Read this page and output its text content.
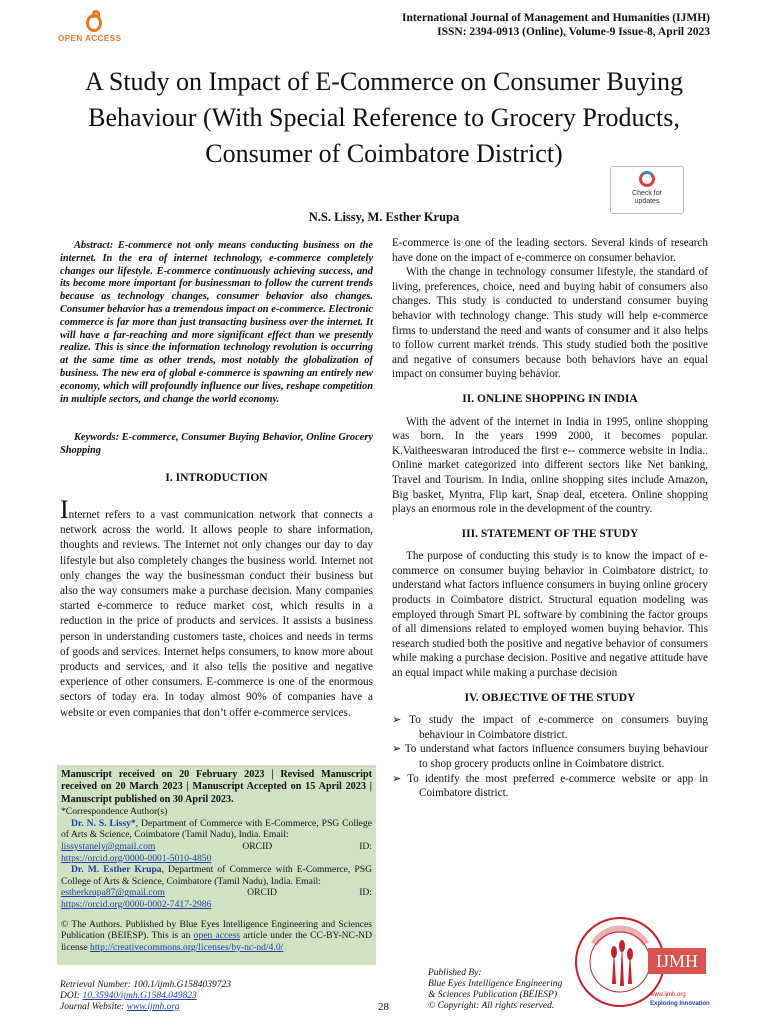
OPEN ACCESS
International Journal of Management and Humanities (IJMH)
ISSN: 2394-0913 (Online), Volume-9 Issue-8, April 2023
A Study on Impact of E-Commerce on Consumer Buying Behaviour (With Special Reference to Grocery Products, Consumer of Coimbatore District)
Check for updates
N.S. Lissy, M. Esther Krupa
Abstract: E-commerce not only means conducting business on the internet. In the era of internet technology, e-commerce completely changes our lifestyle. E-commerce continuously achieving success, and its become more important for businessman to follow the current trends because as technology changes, consumer behavior also changes. Consumer behavior has a tremendous impact on e-commerce. Electronic commerce is far more than just transacting business over the internet. It will have a far-reaching and more significant effect than we presently realize. This is since the information technology revolution is occurring at the same time as other trends, most notably the globalization of business. The new era of global e-commerce is spawning an entirely new economy, which will profoundly influence our lives, reshape competition in multiple sectors, and change the world economy.
Keywords: E-commerce, Consumer Buying Behavior, Online Grocery Shopping
I. INTRODUCTION
Internet refers to a vast communication network that connects a network across the world. It allows people to share information, thoughts and reviews. The Internet not only changes our day to day lifestyle but also completely changes the business world. Internet not only changes the way the businessman conduct their business but also the way consumers make a purchase decision. Many companies started e-commerce to reduce market cost, which results in a reduction in the price of products and services. It assists a business person in understanding customers taste, choices and needs in terms of goods and services. Internet helps consumers, to know more about products and services, and it also tells the positive and negative experience of other consumers. E-commerce is one of the enormous sectors of today era. In today almost 90% of companies have a website or even companies that don’t offer e-commerce services.
Manuscript received on 20 February 2023 | Revised Manuscript received on 20 March 2023 | Manuscript Accepted on 15 April 2023 | Manuscript published on 30 April 2023.
*Correspondence Author(s)
Dr. N. S. Lissy*, Department of Commerce with E-Commerce, PSG College of Arts & Science, Coimbatore (Tamil Nadu), India. Email:
lissystanely@gmail.com	ORCID	ID:
https://orcid.org/0000-0001-5010-4850
Dr. M. Esther Krupa, Department of Commerce with E-Commerce, PSG College of Arts & Science, Coimbatore (Tamil Nadu), India. Email:
estherkrupa87@gmail.com	ORCID	ID:
https://orcid.org/0000-0002-7417-2986
© The Authors. Published by Blue Eyes Intelligence Engineering and Sciences Publication (BEIESP). This is an open access article under the CC-BY-NC-ND license http://creativecommons.org/licenses/by-nc-nd/4.0/

E-commerce is one of the leading sectors. Several kinds of research have done on the impact of e-commerce on consumer behavior.

With the change in technology consumer lifestyle, the standard of living, preferences, choice, need and buying habit of consumers also changes. This study is conducted to understand consumer buying behavior with technology change. This study will help e-commerce firms to understand the need and wants of consumer and it also helps to follow current market trends. This study studied both the positive and negative of consumers because both behaviors have an equal impact on consumer buying behavior.

II. ONLINE SHOPPING IN INDIA

With the advent of the internet in India in 1995, online shopping was born. In the years 1999 2000, it becomes popular. K.Vaitheeswaran introduced the first e-- commerce website in India.. Online market categorized into different sectors like Net banking, Travel and Tourism. In India, online shopping sites include Amazon, Big basket, Myntra, Flip kart, Snap deal, etcetera. Online shopping plays an enormous role in the development of the country.

III. STATEMENT OF THE STUDY

The purpose of conducting this study is to know the impact of e-commerce on consumer buying behavior in Coimbatore district, to understand what factors influence consumers in buying online grocery products in Coimbatore district. Structural equation modeling was employed through Smart PL software by combining the factor groups of all dimensions related to employed women buying behavior. This research studied both the positive and negative behavior of consumers while making a purchase decision. Positive and negative attitude have an equal impact while making a purchase decision

IV. OBJECTIVE OF THE STUDY
➢ To study the impact of e-commerce on consumers buying behaviour in Coimbatore district.
➢ To understand what factors influence consumers buying behaviour to shop grocery products online in Coimbatore district.
➢ To identify the most preferred e-commerce website or app in Coimbatore district.
Retrieval Number: 100.1/ijmh.G1584039723
DOI: 10.35940/ijmh.G1584.049823
Journal Website: www.ijmh.org	28
Published By:
Blue Eyes Intelligence Engineering
& Sciences Publication (BEIESP)
© Copyright: All rights reserved.
IJMH
www.ijmh.org
Exploring Innovation
